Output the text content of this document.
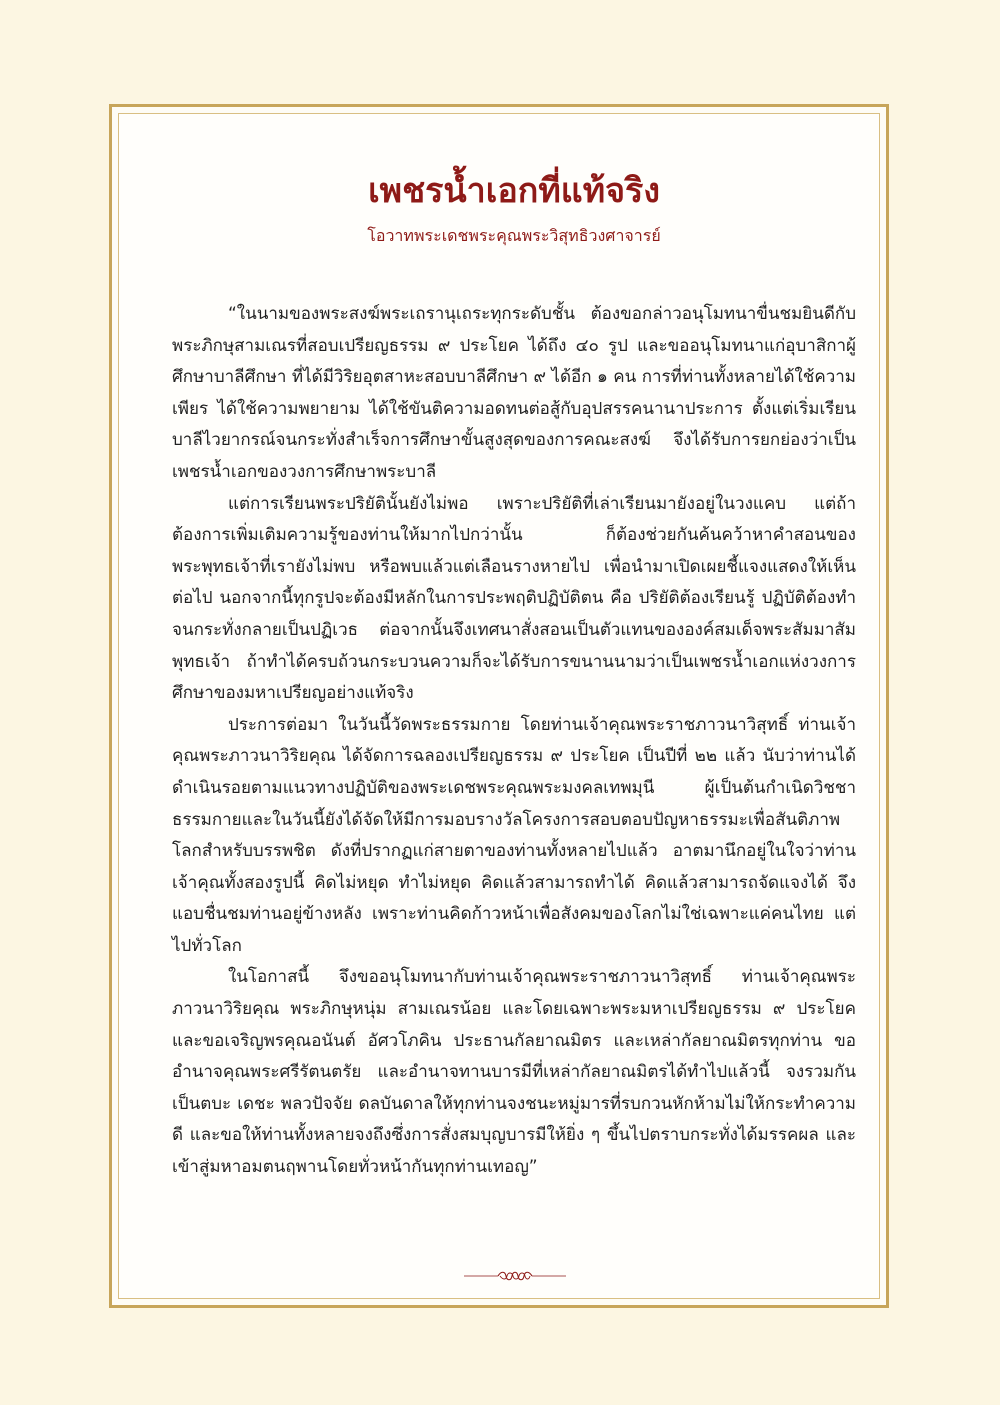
เพชรน้ำเอกที่แท้จริง

โอวาทพระเดชพระคุณพระวิสุทธิวงศาจารย์

“ในนามของพระสงฆ์พระเถรานุเถระทุกระดับชั้น ต้องขอกล่าวอนุโมทนาขื่นชมยินดีกับพระภิกษุสามเณรที่สอบเปรียญธรรม ๙ ประโยค ได้ถึง ๔๐ รูป และขออนุโมทนาแก่อุบาสิกาผู้ศึกษาบาลีศึกษา ที่ได้มีวิริยอุตสาหะสอบบาลีศึกษา ๙ ได้อีก ๑ คน การที่ท่านทั้งหลายได้ใช้ความเพียร ได้ใช้ความพยายาม ได้ใช้ขันติความอดทนต่อสู้กับอุปสรรคนานาประการ ตั้งแต่เริ่มเรียนบาลีไวยากรณ์จนกระทั่งสำเร็จการศึกษาขั้นสูงสุดของการคณะสงฆ์ จึงได้รับการยกย่องว่าเป็นเพชรน้ำเอกของวงการศึกษาพระบาลี

แต่การเรียนพระปริยัตินั้นยังไม่พอ เพราะปริยัติที่เล่าเรียนมายังอยู่ในวงแคบ แต่ถ้าต้องการเพิ่มเติมความรู้ของท่านให้มากไปกว่านั้น ก็ต้องช่วยกันค้นคว้าหาคำสอนของพระพุทธเจ้าที่เรายังไม่พบ หรือพบแล้วแต่เลือนรางหายไป เพื่อนำมาเปิดเผยชี้แจงแสดงให้เห็นต่อไป นอกจากนี้ทุกรูปจะต้องมีหลักในการประพฤติปฏิบัติตน คือ ปริยัติต้องเรียนรู้ ปฏิบัติต้องทำ จนกระทั่งกลายเป็นปฏิเวธ ต่อจากนั้นจึงเทศนาสั่งสอนเป็นตัวแทนขององค์สมเด็จพระสัมมาสัมพุทธเจ้า ถ้าทำได้ครบถ้วนกระบวนความก็จะได้รับการขนานนามว่าเป็นเพชรน้ำเอกแห่งวงการศึกษาของมหาเปรียญอย่างแท้จริง

ประการต่อมา ในวันนี้วัดพระธรรมกาย โดยท่านเจ้าคุณพระราชภาวนาวิสุทธิ์ ท่านเจ้าคุณพระภาวนาวิริยคุณ ได้จัดการฉลองเปรียญธรรม ๙ ประโยค เป็นปีที่ ๒๒ แล้ว นับว่าท่านได้ดำเนินรอยตามแนวทางปฏิบัติของพระเดชพระคุณพระมงคลเทพมุนี ผู้เป็นต้นกำเนิดวิชชาธรรมกายและในวันนี้ยังได้จัดให้มีการมอบรางวัลโครงการสอบตอบปัญหาธรรมะเพื่อสันติภาพโลกสำหรับบรรพชิต ดังที่ปรากฏแก่สายตาของท่านทั้งหลายไปแล้ว อาตมานึกอยู่ในใจว่าท่านเจ้าคุณทั้งสองรูปนี้ คิดไม่หยุด ทำไม่หยุด คิดแล้วสามารถทำได้ คิดแล้วสามารถจัดแจงได้ จึงแอบชื่นชมท่านอยู่ข้างหลัง เพราะท่านคิดก้าวหน้าเพื่อสังคมของโลกไม่ใช่เฉพาะแค่คนไทย แต่ไปทั่วโลก

ในโอกาสนี้ จึงขออนุโมทนากับท่านเจ้าคุณพระราชภาวนาวิสุทธิ์ ท่านเจ้าคุณพระภาวนาวิริยคุณ พระภิกษุหนุ่ม สามเณรน้อย และโดยเฉพาะพระมหาเปรียญธรรม ๙ ประโยค และขอเจริญพรคุณอนันต์ อัศวโภคิน ประธานกัลยาณมิตร และเหล่ากัลยาณมิตรทุกท่าน ขออำนาจคุณพระศรีรัตนตรัย และอำนาจทานบารมีที่เหล่ากัลยาณมิตรได้ทำไปแล้วนี้ จงรวมกันเป็นตบะ เดชะ พลวปัจจัย ดลบันดาลให้ทุกท่านจงชนะหมู่มารที่รบกวนหักห้ามไม่ให้กระทำความดี และขอให้ท่านทั้งหลายจงถึงซึ่งการสั่งสมบุญบารมีให้ยิ่ง ๆ ขึ้นไปตราบกระทั่งได้มรรคผล และเข้าสู่มหาอมตนฤพานโดยทั่วหน้ากันทุกท่านเทอญ”
